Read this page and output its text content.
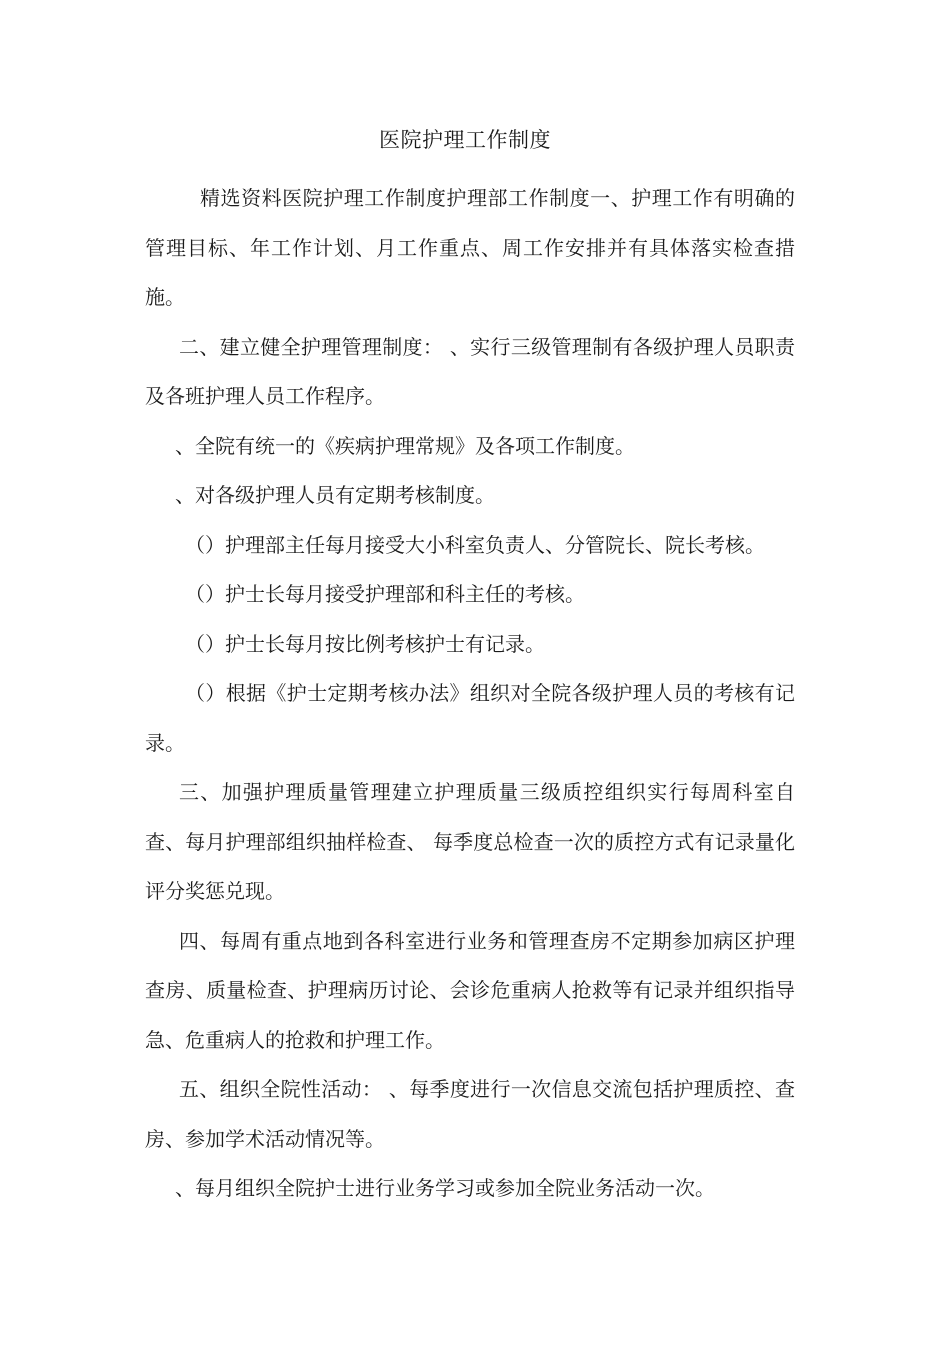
医院护理工作制度

精选资料医院护理工作制度护理部工作制度一、护理工作有明确的管理目标、年工作计划、月工作重点、周工作安排并有具体落实检查措施。

二、建立健全护理管理制度： 、实行三级管理制有各级护理人员职责及各班护理人员工作程序。

、全院有统一的《疾病护理常规》及各项工作制度。

、对各级护理人员有定期考核制度。

（）护理部主任每月接受大小科室负责人、分管院长、院长考核。

（）护士长每月接受护理部和科主任的考核。

（）护士长每月按比例考核护士有记录。

（）根据《护士定期考核办法》组织对全院各级护理人员的考核有记录。

三、加强护理质量管理建立护理质量三级质控组织实行每周科室自查、每月护理部组织抽样检查、 每季度总检查一次的质控方式有记录量化评分奖惩兑现。

四、每周有重点地到各科室进行业务和管理查房不定期参加病区护理查房、质量检查、护理病历讨论、会诊危重病人抢救等有记录并组织指导急、危重病人的抢救和护理工作。

五、组织全院性活动： 、每季度进行一次信息交流包括护理质控、查房、参加学术活动情况等。

、每月组织全院护士进行业务学习或参加全院业务活动一次。
